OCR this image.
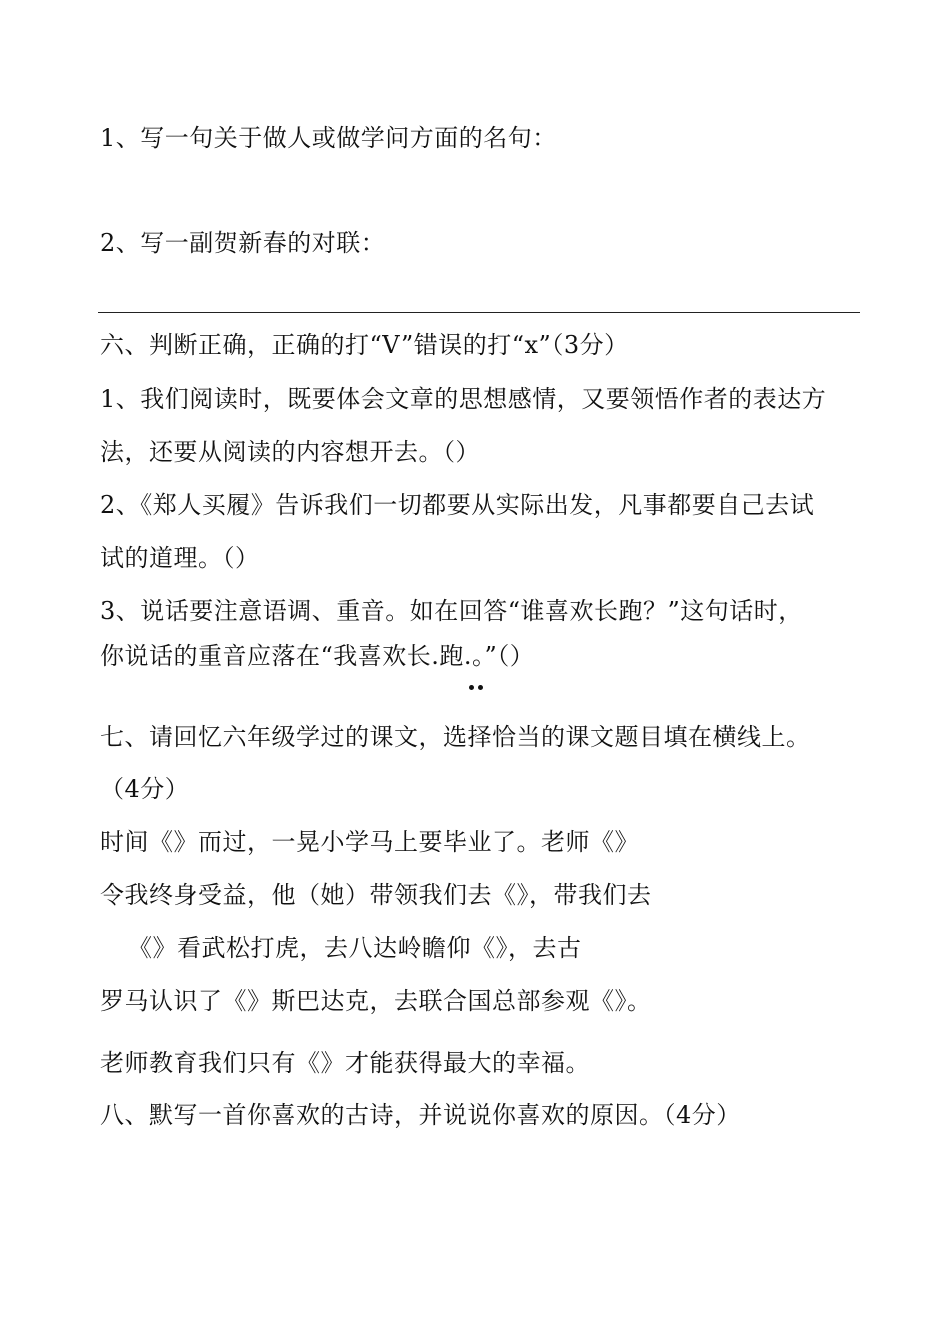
1、写一句关于做人或做学问方面的名句：

2、写一副贺新春的对联：

六、判断正确，正确的打“V”错误的打“x”（3分）

1、我们阅读时，既要体会文章的思想感情，又要领悟作者的表达方

法，还要从阅读的内容想开去。（）

2、《郑人买履》告诉我们一切都要从实际出发，凡事都要自己去试

试的道理。（）

3、说话要注意语调、重音。如在回答“谁喜欢长跑？”这句话时，

你说话的重音应落在“我喜欢长.跑.。”（）

七、请回忆六年级学过的课文，选择恰当的课文题目填在横线上。

（4分）

时间《》而过，一晃小学马上要毕业了。老师《》

令我终身受益，他（她）带领我们去《》，带我们去

《》看武松打虎，去八达岭瞻仰《》，去古

罗马认识了《》斯巴达克，去联合国总部参观《》。

老师教育我们只有《》才能获得最大的幸福。

八、默写一首你喜欢的古诗，并说说你喜欢的原因。（4分）
